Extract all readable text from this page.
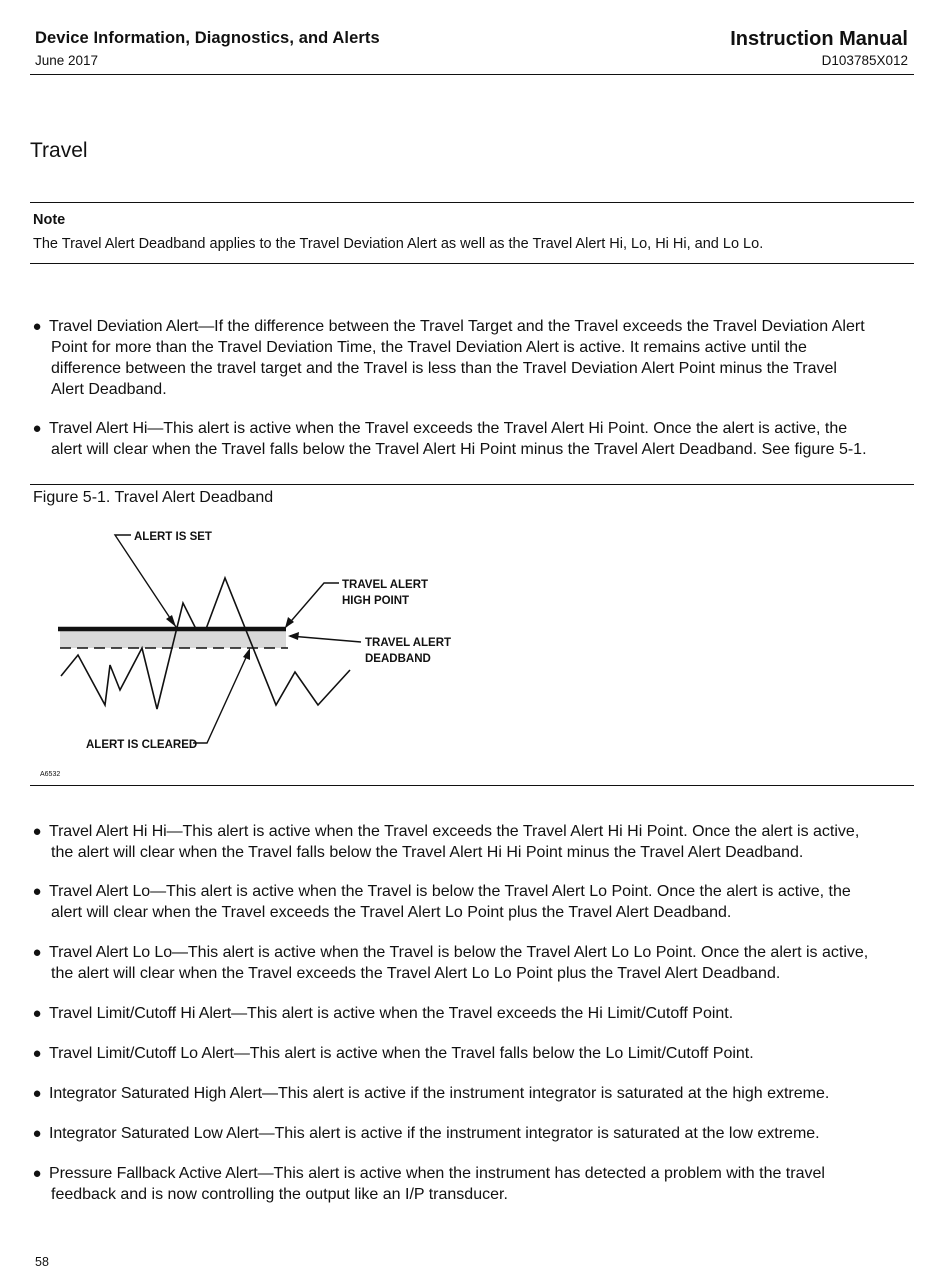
Device Information, Diagnostics, and Alerts
June 2017
Instruction Manual
D103785X012
Travel
Note
The Travel Alert Deadband applies to the Travel Deviation Alert as well as the Travel Alert Hi, Lo, Hi Hi, and Lo Lo.
● Travel Deviation Alert—If the difference between the Travel Target and the Travel exceeds the Travel Deviation Alert
Point for more than the Travel Deviation Time, the Travel Deviation Alert is active. It remains active until the
difference between the travel target and the Travel is less than the Travel Deviation Alert Point minus the Travel
Alert Deadband.
● Travel Alert Hi—This alert is active when the Travel exceeds the Travel Alert Hi Point. Once the alert is active, the
alert will clear when the Travel falls below the Travel Alert Hi Point minus the Travel Alert Deadband. See figure 5-1.
Figure 5-1. Travel Alert Deadband
ALERT IS SET
TRAVEL ALERT
HIGH POINT
TRAVEL ALERT
DEADBAND
ALERT IS CLEARED
A6532
● Travel Alert Hi Hi—This alert is active when the Travel exceeds the Travel Alert Hi Hi Point. Once the alert is active,
the alert will clear when the Travel falls below the Travel Alert Hi Hi Point minus the Travel Alert Deadband.
● Travel Alert Lo—This alert is active when the Travel is below the Travel Alert Lo Point. Once the alert is active, the
alert will clear when the Travel exceeds the Travel Alert Lo Point plus the Travel Alert Deadband.
● Travel Alert Lo Lo—This alert is active when the Travel is below the Travel Alert Lo Lo Point. Once the alert is active,
the alert will clear when the Travel exceeds the Travel Alert Lo Lo Point plus the Travel Alert Deadband.
● Travel Limit/Cutoff Hi Alert—This alert is active when the Travel exceeds the Hi Limit/Cutoff Point.
● Travel Limit/Cutoff Lo Alert—This alert is active when the Travel falls below the Lo Limit/Cutoff Point.
● Integrator Saturated High Alert—This alert is active if the instrument integrator is saturated at the high extreme.
● Integrator Saturated Low Alert—This alert is active if the instrument integrator is saturated at the low extreme.
● Pressure Fallback Active Alert—This alert is active when the instrument has detected a problem with the travel
feedback and is now controlling the output like an I/P transducer.
58
